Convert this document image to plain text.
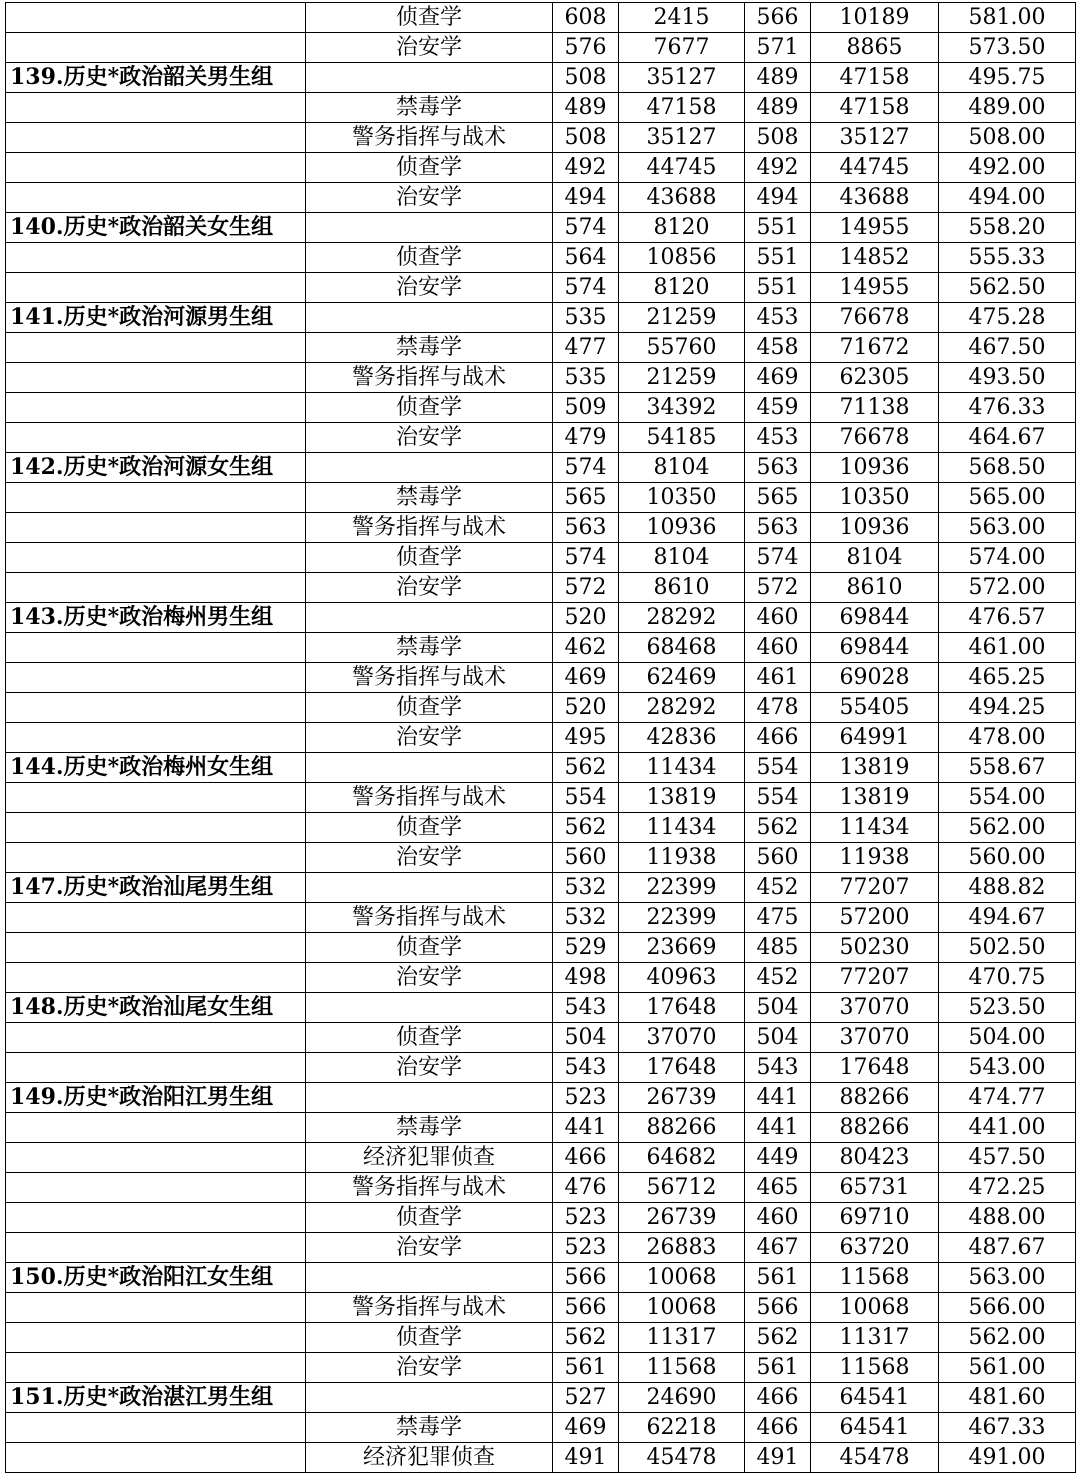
	侦查学	608	2415	566	10189	581.00
	治安学	576	7677	571	8865	573.50
139.历史*政治韶关男生组		508	35127	489	47158	495.75
	禁毒学	489	47158	489	47158	489.00
	警务指挥与战术	508	35127	508	35127	508.00
	侦查学	492	44745	492	44745	492.00
	治安学	494	43688	494	43688	494.00
140.历史*政治韶关女生组		574	8120	551	14955	558.20
	侦查学	564	10856	551	14852	555.33
	治安学	574	8120	551	14955	562.50
141.历史*政治河源男生组		535	21259	453	76678	475.28
	禁毒学	477	55760	458	71672	467.50
	警务指挥与战术	535	21259	469	62305	493.50
	侦查学	509	34392	459	71138	476.33
	治安学	479	54185	453	76678	464.67
142.历史*政治河源女生组		574	8104	563	10936	568.50
	禁毒学	565	10350	565	10350	565.00
	警务指挥与战术	563	10936	563	10936	563.00
	侦查学	574	8104	574	8104	574.00
	治安学	572	8610	572	8610	572.00
143.历史*政治梅州男生组		520	28292	460	69844	476.57
	禁毒学	462	68468	460	69844	461.00
	警务指挥与战术	469	62469	461	69028	465.25
	侦查学	520	28292	478	55405	494.25
	治安学	495	42836	466	64991	478.00
144.历史*政治梅州女生组		562	11434	554	13819	558.67
	警务指挥与战术	554	13819	554	13819	554.00
	侦查学	562	11434	562	11434	562.00
	治安学	560	11938	560	11938	560.00
147.历史*政治汕尾男生组		532	22399	452	77207	488.82
	警务指挥与战术	532	22399	475	57200	494.67
	侦查学	529	23669	485	50230	502.50
	治安学	498	40963	452	77207	470.75
148.历史*政治汕尾女生组		543	17648	504	37070	523.50
	侦查学	504	37070	504	37070	504.00
	治安学	543	17648	543	17648	543.00
149.历史*政治阳江男生组		523	26739	441	88266	474.77
	禁毒学	441	88266	441	88266	441.00
	经济犯罪侦查	466	64682	449	80423	457.50
	警务指挥与战术	476	56712	465	65731	472.25
	侦查学	523	26739	460	69710	488.00
	治安学	523	26883	467	63720	487.67
150.历史*政治阳江女生组		566	10068	561	11568	563.00
	警务指挥与战术	566	10068	566	10068	566.00
	侦查学	562	11317	562	11317	562.00
	治安学	561	11568	561	11568	561.00
151.历史*政治湛江男生组		527	24690	466	64541	481.60
	禁毒学	469	62218	466	64541	467.33
	经济犯罪侦查	491	45478	491	45478	491.00
